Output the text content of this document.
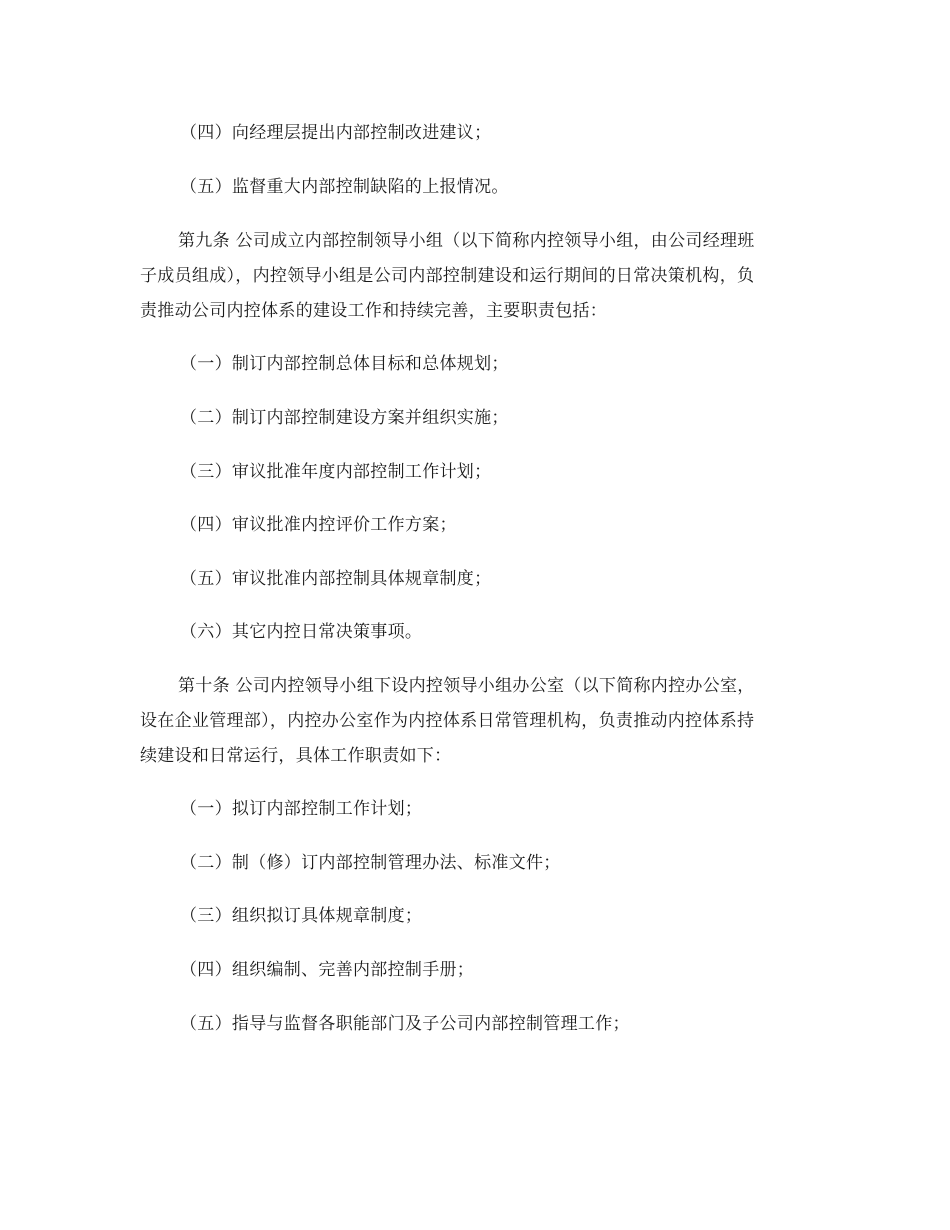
（四）向经理层提出内部控制改进建议；
（五）监督重大内部控制缺陷的上报情况。
第九条 公司成立内部控制领导小组（以下简称内控领导小组，由公司经理班
子成员组成），内控领导小组是公司内部控制建设和运行期间的日常决策机构，负
责推动公司内控体系的建设工作和持续完善，主要职责包括：
（一）制订内部控制总体目标和总体规划；
（二）制订内部控制建设方案并组织实施；
（三）审议批准年度内部控制工作计划；
（四）审议批准内控评价工作方案；
（五）审议批准内部控制具体规章制度；
（六）其它内控日常决策事项。
第十条 公司内控领导小组下设内控领导小组办公室（以下简称内控办公室，
设在企业管理部），内控办公室作为内控体系日常管理机构，负责推动内控体系持
续建设和日常运行，具体工作职责如下：
（一）拟订内部控制工作计划；
（二）制（修）订内部控制管理办法、标准文件；
（三）组织拟订具体规章制度；
（四）组织编制、完善内部控制手册；
（五）指导与监督各职能部门及子公司内部控制管理工作；
